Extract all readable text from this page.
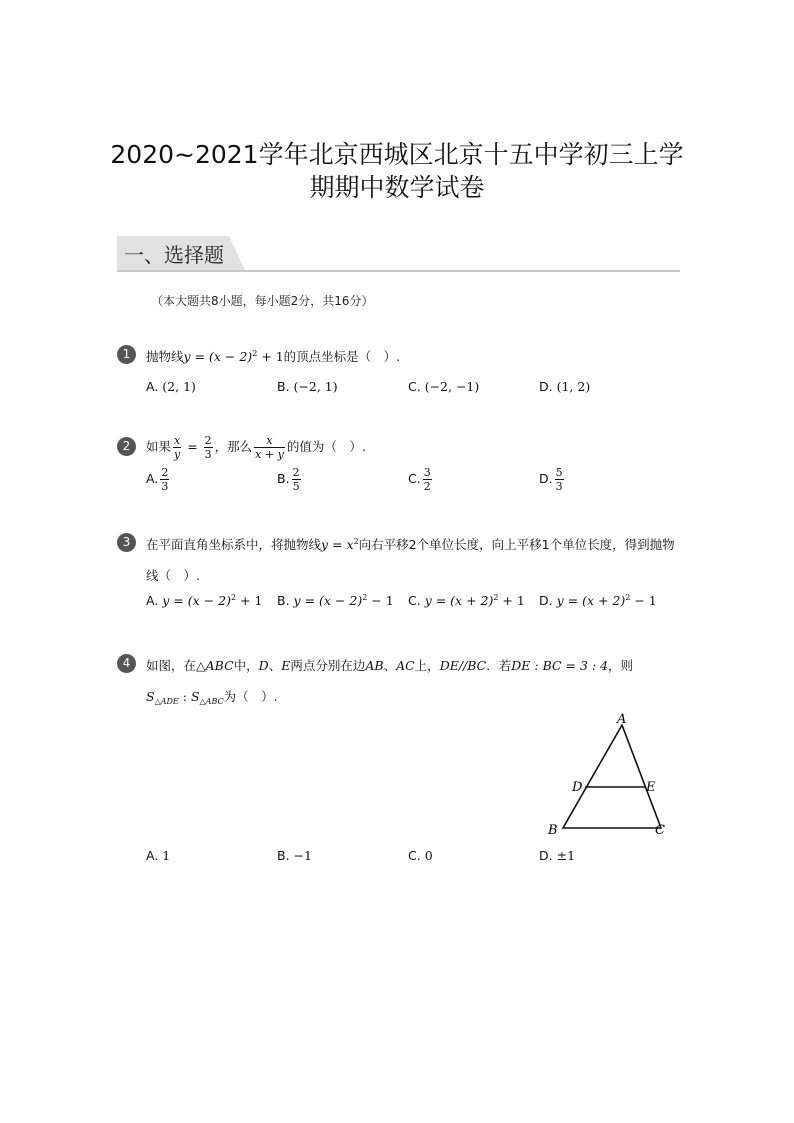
2020~2021学年北京西城区北京十五中学初三上学
期期中数学试卷
一、选择题
（本大题共8小题，每小题2分，共16分）
1	抛物线$y = (x - 2)^2 + 1$的顶点坐标是（　）.
A. (2, 1)	B. (−2, 1)	C. (−2, −1)	D. (1, 2)
2	如果 $\frac{x}{y} = \frac{2}{3}$ ，那么 $\frac{x}{x + y}$ 的值为（　）.
A. $\frac{2}{3}$	B. $\frac{2}{5}$	C. $\frac{3}{2}$	D. $\frac{5}{3}$
3	在平面直角坐标系中，将抛物线$y = x^2$向右平移2个单位长度，向上平移1个单位长度，得到抛物
线（　）.
A. $y = (x - 2)^2 + 1$ B. $y = (x - 2)^2 - 1$ C. $y = (x + 2)^2 + 1$ D. $y = (x + 2)^2 - 1$
4	如图，在△ABC中，D、E两点分别在边AB、AC上，DE//BC．若DE : BC = 3 : 4，则
$S_{\triangle ADE}$ : $S_{\triangle ABC}$为（　）.
A
B	C
D	E
A. 1	B. −1	C. 0	D. ±1
